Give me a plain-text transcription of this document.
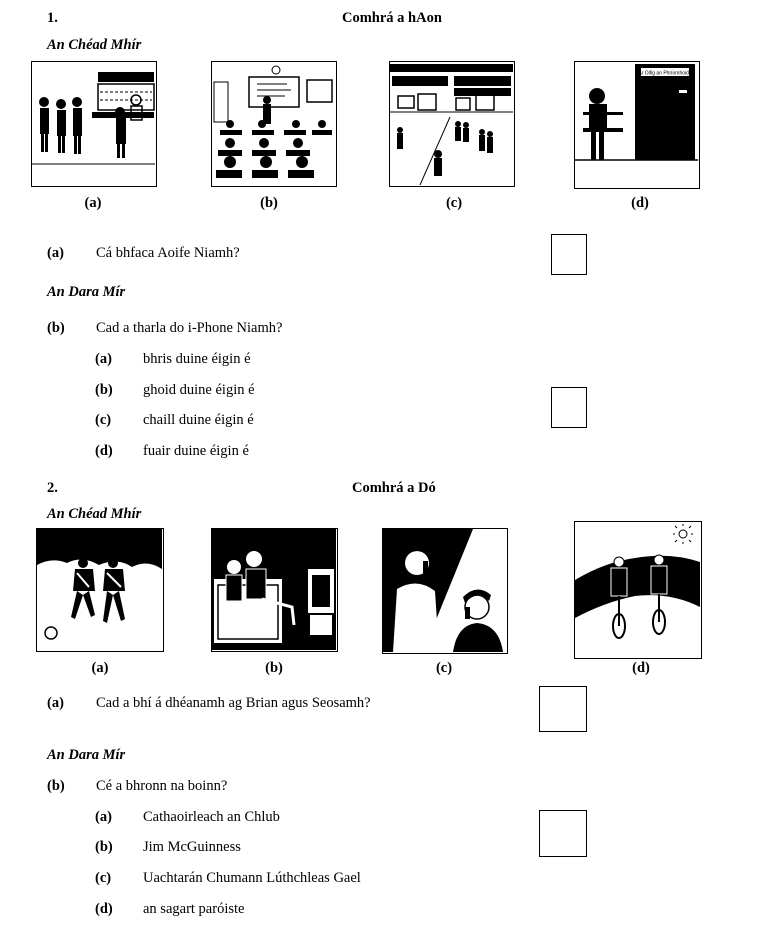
1.	Comhrá a hAon
An Chéad Mhír
Ár Oifig an Phríomhoide
(a)	(b)	(c)	(d)
(a) Cá bhfaca Aoife Niamh?
An Dara Mír
(b) Cad a tharla do i-Phone Niamh?
(a) bhris duine éigin é
(b) ghoid duine éigin é
(c) chaill duine éigin é
(d) fuair duine éigin é
2.	Comhrá a Dó
An Chéad Mhír
(a)	(b)	(c)	(d)
(a) Cad a bhí á dhéanamh ag Brian agus Seosamh?
An Dara Mír
(b) Cé a bhronn na boinn?
(a) Cathaoirleach an Chlub
(b) Jim McGuinness
(c) Uachtarán Chumann Lúthchleas Gael
(d) an sagart paróiste
